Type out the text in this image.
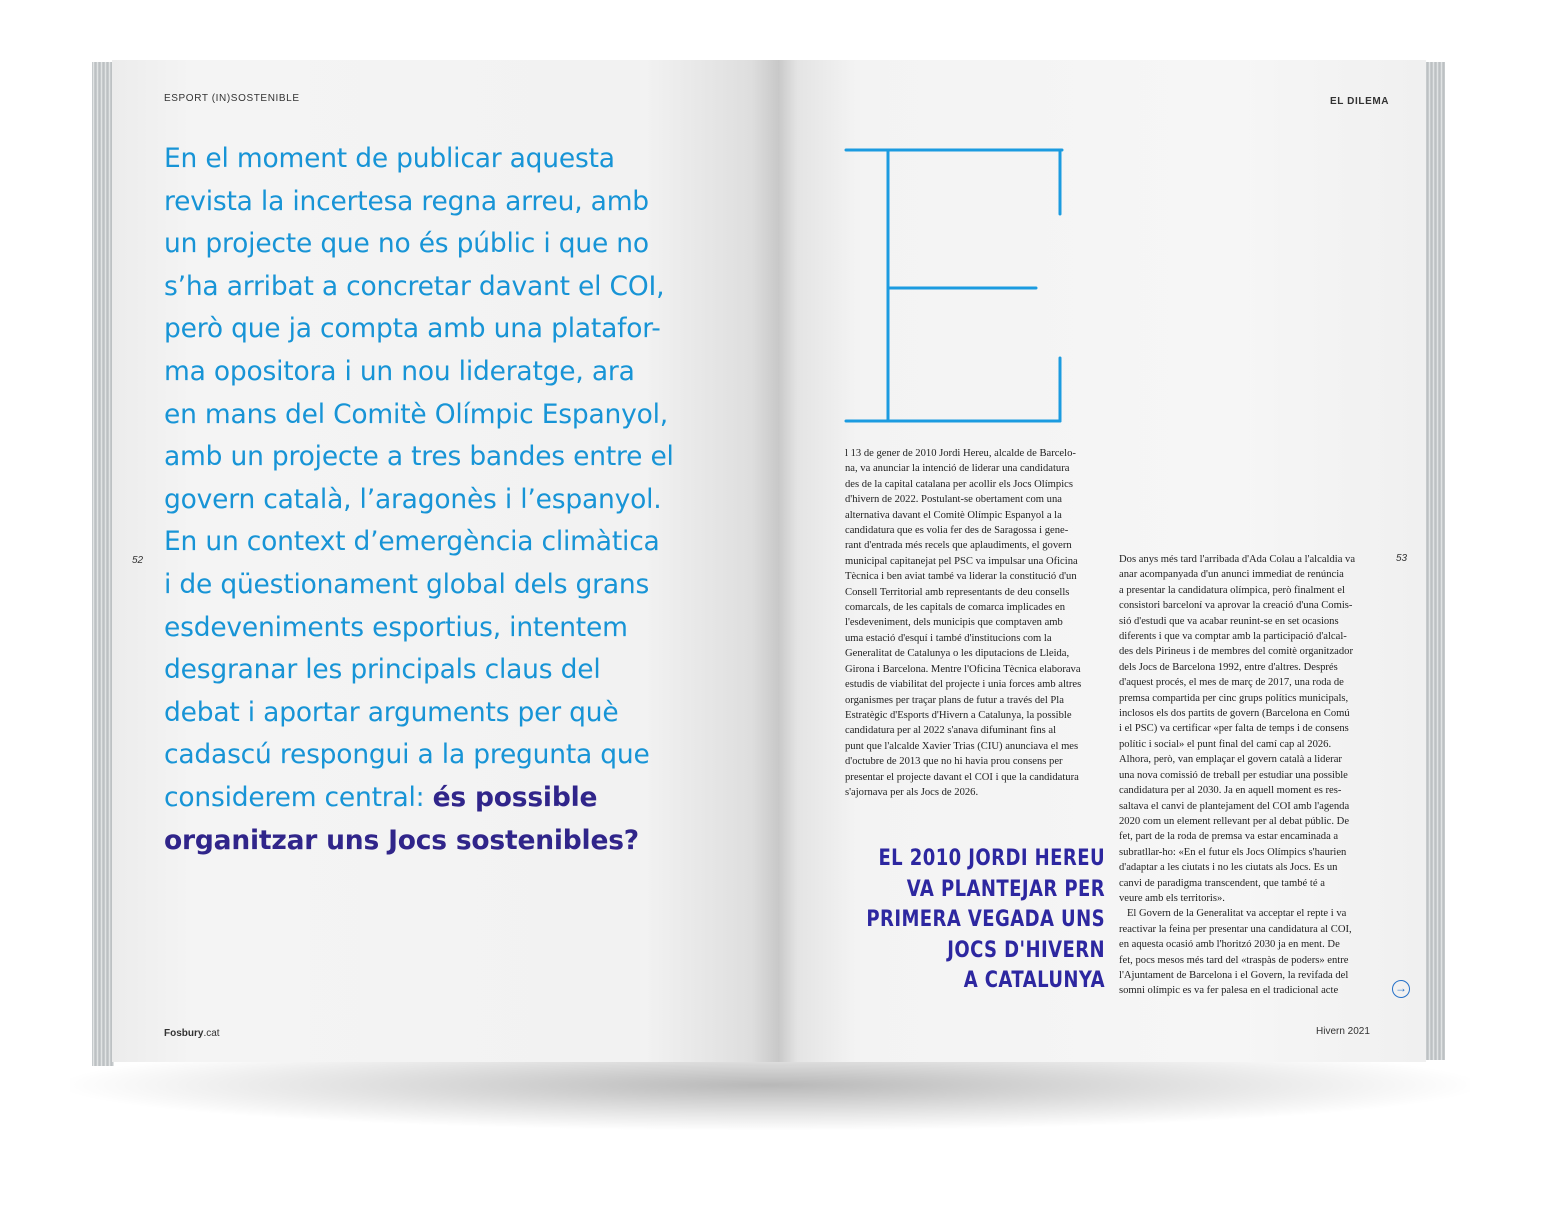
ESPORT (IN)SOSTENIBLE
52
En el moment de publicar aquesta
revista la incertesa regna arreu, amb
un projecte que no és públic i que no
s’ha arribat a concretar davant el COI,
però que ja compta amb una platafor-
ma opositora i un nou lideratge, ara
en mans del Comitè Olímpic Espanyol,
amb un projecte a tres bandes entre el
govern català, l’aragonès i l’espanyol.
En un context d’emergència climàtica
i de qüestionament global dels grans
esdeveniments esportius, intentem
desgranar les principals claus del
debat i aportar arguments per què
cadascú respongui a la pregunta que
considerem central: és possible
organitzar uns Jocs sostenibles?
Fosbury.cat
EL DILEMA
53
l 13 de gener de 2010 Jordi Hereu, alcalde de Barcelo-
na, va anunciar la intenció de liderar una candidatura
des de la capital catalana per acollir els Jocs Olímpics
d'hivern de 2022. Postulant-se obertament com una
alternativa davant el Comitè Olímpic Espanyol a la
candidatura que es volia fer des de Saragossa i gene-
rant d'entrada més recels que aplaudiments, el govern
municipal capitanejat pel PSC va impulsar una Oficina
Tècnica i ben aviat també va liderar la constitució d'un
Consell Territorial amb representants de deu consells
comarcals, de les capitals de comarca implicades en
l'esdeveniment, dels municipis que comptaven amb
uma estació d'esquí i també d'institucions com la
Generalitat de Catalunya o les diputacions de Lleida,
Girona i Barcelona. Mentre l'Oficina Tècnica elaborava
estudis de viabilitat del projecte i unia forces amb altres
organismes per traçar plans de futur a través del Pla
Estratègic d'Esports d'Hivern a Catalunya, la possible
candidatura per al 2022 s'anava difuminant fins al
punt que l'alcalde Xavier Trias (CIU) anunciava el mes
d'octubre de 2013 que no hi havia prou consens per
presentar el projecte davant el COI i que la candidatura
s'ajornava per als Jocs de 2026.
Dos anys més tard l'arribada d'Ada Colau a l'alcaldia va
anar acompanyada d'un anunci immediat de renúncia
a presentar la candidatura olímpica, però finalment el
consistori barceloní va aprovar la creació d'una Comis-
sió d'estudi que va acabar reunint-se en set ocasions
diferents i que va comptar amb la participació d'alcal-
des dels Pirineus i de membres del comitè organitzador
dels Jocs de Barcelona 1992, entre d'altres. Després
d'aquest procés, el mes de març de 2017, una roda de
premsa compartida per cinc grups polítics municipals,
inclosos els dos partits de govern (Barcelona en Comú
i el PSC) va certificar «per falta de temps i de consens
polític i social» el punt final del camí cap al 2026.
Alhora, però, van emplaçar el govern català a liderar
una nova comissió de treball per estudiar una possible
candidatura per al 2030. Ja en aquell moment es res-
saltava el canvi de plantejament del COI amb l'agenda
2020 com un element rellevant per al debat públic. De
fet, part de la roda de premsa va estar encaminada a
subratllar-ho: «En el futur els Jocs Olímpics s'haurien
d'adaptar a les ciutats i no les ciutats als Jocs. Es un
canvi de paradigma transcendent, que també té a
veure amb els territoris».
El Govern de la Generalitat va acceptar el repte i va
reactivar la feina per presentar una candidatura al COI,
en aquesta ocasió amb l'horitzó 2030 ja en ment. De
fet, pocs mesos més tard del «traspàs de poders» entre
l'Ajuntament de Barcelona i el Govern, la revifada del
somni olímpic es va fer palesa en el tradicional acte
EL 2010 JORDI HEREU
VA PLANTEJAR PER
PRIMERA VEGADA UNS
JOCS D'HIVERN
A CATALUNYA	→
Hivern 2021
